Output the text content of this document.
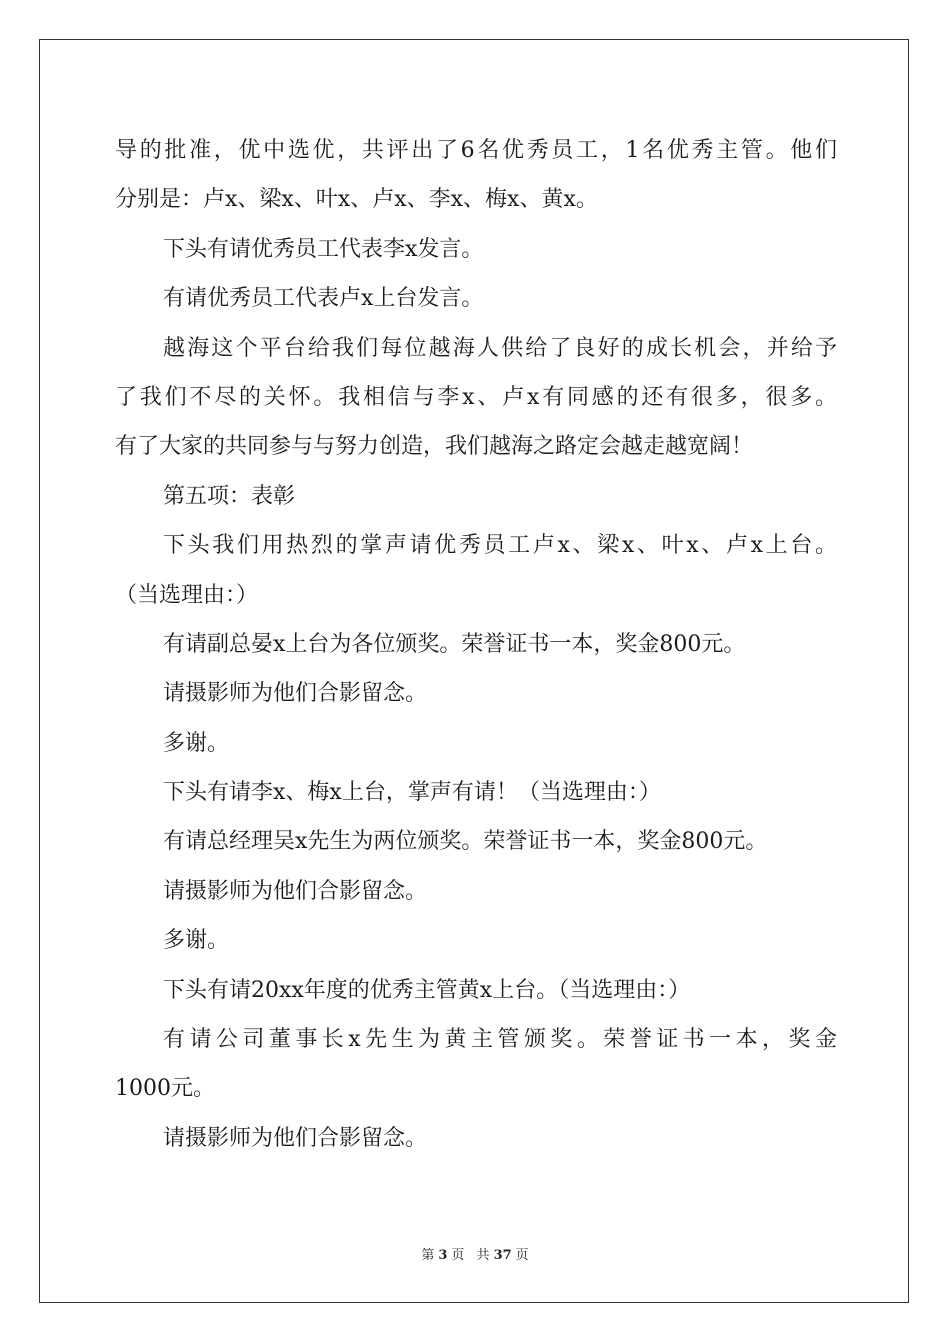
导的批准，优中选优，共评出了6名优秀员工，1名优秀主管。他们
分别是：卢x、梁x、叶x、卢x、李x、梅x、黄x。
下头有请优秀员工代表李x发言。
有请优秀员工代表卢x上台发言。
越海这个平台给我们每位越海人供给了良好的成长机会，并给予
了我们不尽的关怀。我相信与李x、卢x有同感的还有很多，很多。
有了大家的共同参与与努力创造，我们越海之路定会越走越宽阔！
第五项：表彰
下头我们用热烈的掌声请优秀员工卢x、梁x、叶x、卢x上台。
（当选理由：）
有请副总晏x上台为各位颁奖。荣誉证书一本，奖金800元。
请摄影师为他们合影留念。
多谢。
下头有请李x、梅x上台，掌声有请！（当选理由：）
有请总经理吴x先生为两位颁奖。荣誉证书一本，奖金800元。
请摄影师为他们合影留念。
多谢。
下头有请20xx年度的优秀主管黄x上台。（当选理由：）
有请公司董事长x先生为黄主管颁奖。荣誉证书一本，奖金
1000元。
请摄影师为他们合影留念。
第 3 页 共 37 页
